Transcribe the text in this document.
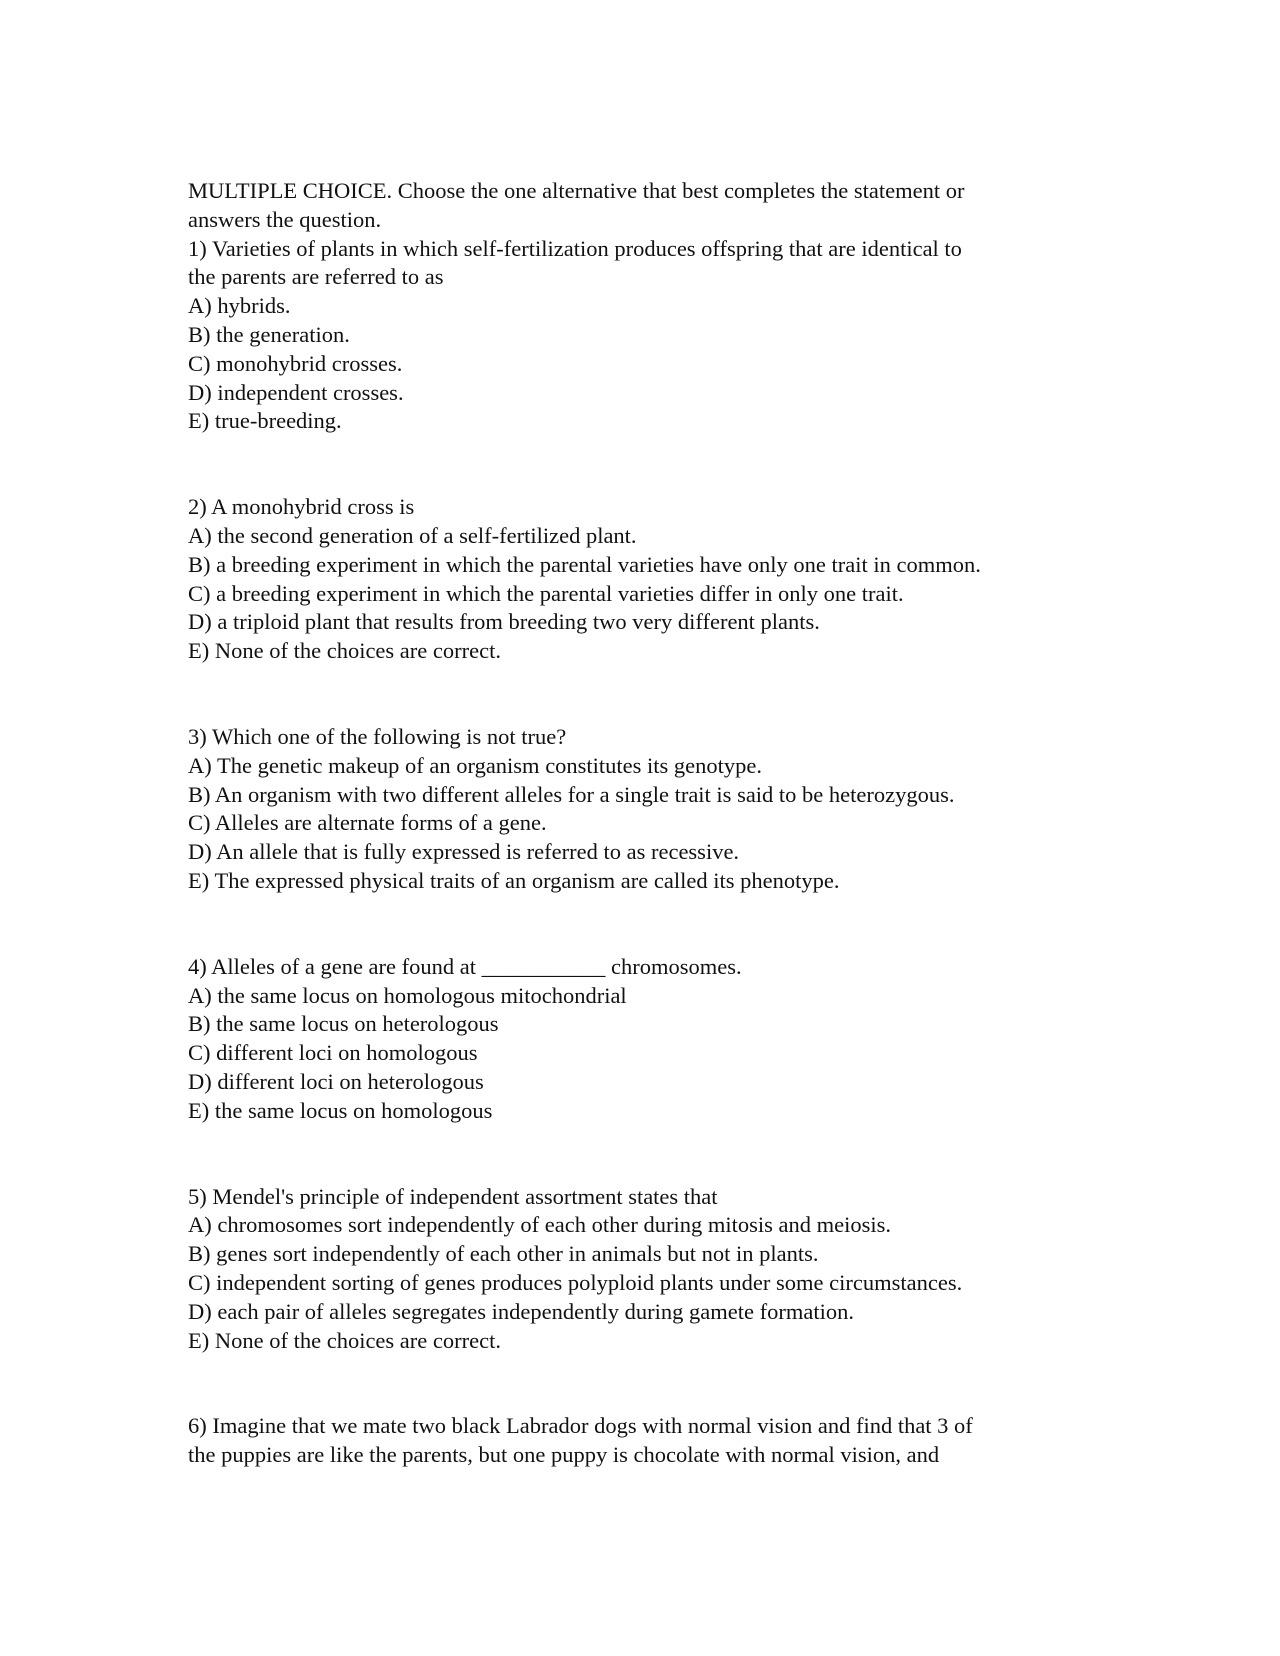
MULTIPLE CHOICE. Choose the one alternative that best completes the statement or
answers the question.
1) Varieties of plants in which self-fertilization produces offspring that are identical to
the parents are referred to as
A) hybrids.
B) the generation.
C) monohybrid crosses.
D) independent crosses.
E) true-breeding.
2) A monohybrid cross is
A) the second generation of a self-fertilized plant.
B) a breeding experiment in which the parental varieties have only one trait in common.
C) a breeding experiment in which the parental varieties differ in only one trait.
D) a triploid plant that results from breeding two very different plants.
E) None of the choices are correct.
3) Which one of the following is not true?
A) The genetic makeup of an organism constitutes its genotype.
B) An organism with two different alleles for a single trait is said to be heterozygous.
C) Alleles are alternate forms of a gene.
D) An allele that is fully expressed is referred to as recessive.
E) The expressed physical traits of an organism are called its phenotype.
4) Alleles of a gene are found at ___________ chromosomes.
A) the same locus on homologous mitochondrial
B) the same locus on heterologous
C) different loci on homologous
D) different loci on heterologous
E) the same locus on homologous
5) Mendel's principle of independent assortment states that
A) chromosomes sort independently of each other during mitosis and meiosis.
B) genes sort independently of each other in animals but not in plants.
C) independent sorting of genes produces polyploid plants under some circumstances.
D) each pair of alleles segregates independently during gamete formation.
E) None of the choices are correct.
6) Imagine that we mate two black Labrador dogs with normal vision and find that 3 of
the puppies are like the parents, but one puppy is chocolate with normal vision, and
